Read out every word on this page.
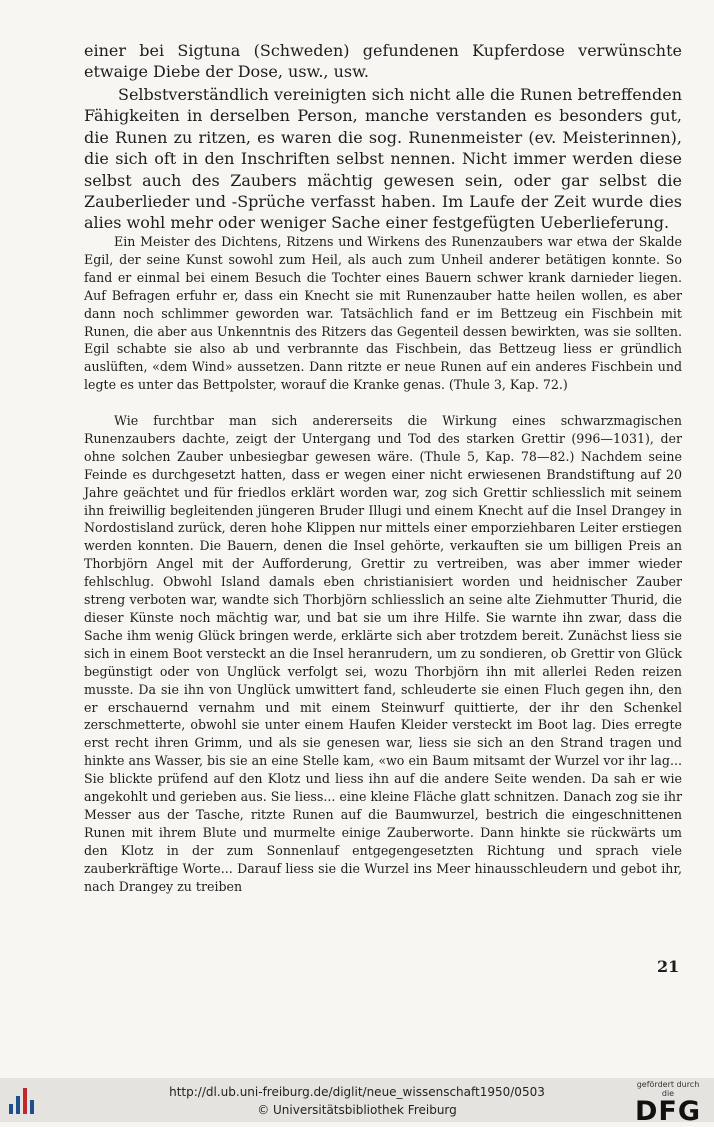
einer bei Sigtuna (Schweden) gefundenen Kupferdose verwünschte etwaige Diebe der Dose, usw., usw.

Selbstverständlich vereinigten sich nicht alle die Runen betreffenden Fähigkeiten in derselben Person, manche verstanden es besonders gut, die Runen zu ritzen, es waren die sog. Runenmeister (ev. Meisterinnen), die sich oft in den Inschriften selbst nennen. Nicht immer werden diese selbst auch des Zaubers mächtig gewesen sein, oder gar selbst die Zauberlieder und -Sprüche verfasst haben. Im Laufe der Zeit wurde dies alies wohl mehr oder weniger Sache einer festgefügten Ueberlieferung.

Ein Meister des Dichtens, Ritzens und Wirkens des Runenzaubers war etwa der Skalde Egil, der seine Kunst sowohl zum Heil, als auch zum Unheil anderer betätigen konnte. So fand er einmal bei einem Besuch die Tochter eines Bauern schwer krank darnieder liegen. Auf Befragen erfuhr er, dass ein Knecht sie mit Runenzauber hatte heilen wollen, es aber dann noch schlimmer geworden war. Tatsächlich fand er im Bettzeug ein Fischbein mit Runen, die aber aus Unkenntnis des Ritzers das Gegenteil dessen bewirkten, was sie sollten. Egil schabte sie also ab und verbrannte das Fischbein, das Bettzeug liess er gründlich auslüften, «dem Wind» aussetzen. Dann ritzte er neue Runen auf ein anderes Fischbein und legte es unter das Bettpolster, worauf die Kranke genas. (Thule 3, Kap. 72.)

Wie furchtbar man sich andererseits die Wirkung eines schwarzmagischen Runenzaubers dachte, zeigt der Untergang und Tod des starken Grettir (996—1031), der ohne solchen Zauber unbesiegbar gewesen wäre. (Thule 5, Kap. 78—82.) Nachdem seine Feinde es durchgesetzt hatten, dass er wegen einer nicht erwiesenen Brandstiftung auf 20 Jahre geächtet und für friedlos erklärt worden war, zog sich Grettir schliesslich mit seinem ihn freiwillig begleitenden jüngeren Bruder Illugi und einem Knecht auf die Insel Drangey in Nordostisland zurück, deren hohe Klippen nur mittels einer emporziehbaren Leiter erstiegen werden konnten. Die Bauern, denen die Insel gehörte, verkauften sie um billigen Preis an Thorbjörn Angel mit der Aufforderung, Grettir zu vertreiben, was aber immer wieder fehlschlug. Obwohl Island damals eben christianisiert worden und heidnischer Zauber streng verboten war, wandte sich Thorbjörn schliesslich an seine alte Ziehmutter Thurid, die dieser Künste noch mächtig war, und bat sie um ihre Hilfe. Sie warnte ihn zwar, dass die Sache ihm wenig Glück bringen werde, erklärte sich aber trotzdem bereit. Zunächst liess sie sich in einem Boot versteckt an die Insel heranrudern, um zu sondieren, ob Grettir von Glück begünstigt oder von Unglück verfolgt sei, wozu Thorbjörn ihn mit allerlei Reden reizen musste. Da sie ihn von Unglück umwittert fand, schleuderte sie einen Fluch gegen ihn, den er erschauernd vernahm und mit einem Steinwurf quittierte, der ihr den Schenkel zerschmetterte, obwohl sie unter einem Haufen Kleider versteckt im Boot lag. Dies erregte erst recht ihren Grimm, und als sie genesen war, liess sie sich an den Strand tragen und hinkte ans Wasser, bis sie an eine Stelle kam, «wo ein Baum mitsamt der Wurzel vor ihr lag... Sie blickte prüfend auf den Klotz und liess ihn auf die andere Seite wenden. Da sah er wie angekohlt und gerieben aus. Sie liess... eine kleine Fläche glatt schnitzen. Danach zog sie ihr Messer aus der Tasche, ritzte Runen auf die Baumwurzel, bestrich die eingeschnittenen Runen mit ihrem Blute und murmelte einige Zauberworte. Dann hinkte sie rückwärts um den Klotz in der zum Sonnenlauf entgegengesetzten Richtung und sprach viele zauberkräftige Worte... Darauf liess sie die Wurzel ins Meer hinausschleudern und gebot ihr, nach Drangey zu treiben

21
http://dl.ub.uni-freiburg.de/diglit/neue_wissenschaft1950/0503
© Universitätsbibliothek Freiburg
gefördert durch die
DFG
